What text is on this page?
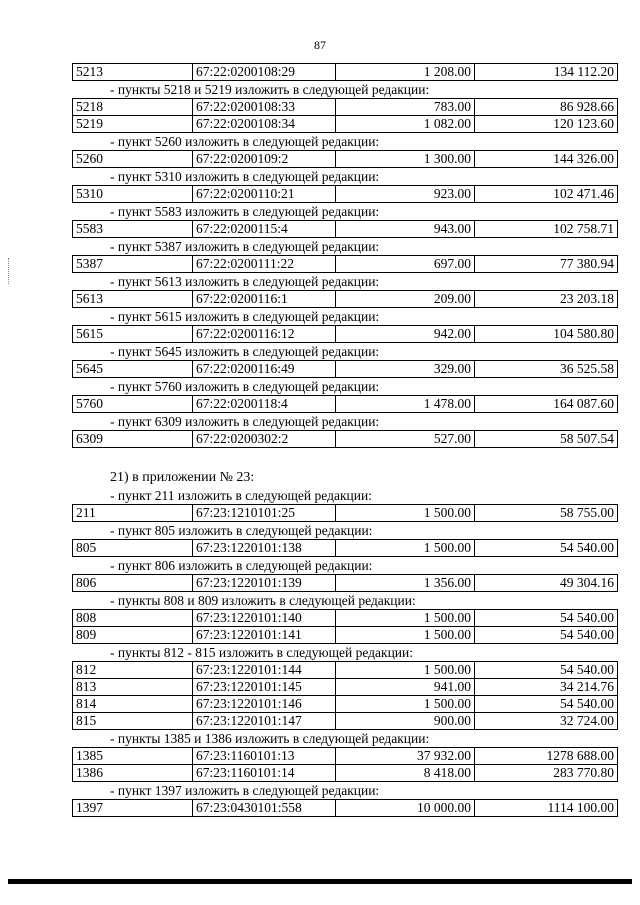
87
5213	67:22:0200108:29	1 208.00	134 112.20
- пункты 5218 и 5219 изложить в следующей редакции:
5218	67:22:0200108:33	783.00	86 928.66
5219	67:22:0200108:34	1 082.00	120 123.60
- пункт 5260 изложить в следующей редакции:
5260	67:22:0200109:2	1 300.00	144 326.00
- пункт 5310 изложить в следующей редакции:
5310	67:22:0200110:21	923.00	102 471.46
- пункт 5583 изложить в следующей редакции:
5583	67:22:0200115:4	943.00	102 758.71
- пункт 5387 изложить в следующей редакции:
5387	67:22:0200111:22	697.00	77 380.94
- пункт 5613 изложить в следующей редакции:
5613	67:22:0200116:1	209.00	23 203.18
- пункт 5615 изложить в следующей редакции:
5615	67:22:0200116:12	942.00	104 580.80
- пункт 5645 изложить в следующей редакции:
5645	67:22:0200116:49	329.00	36 525.58
- пункт 5760 изложить в следующей редакции:
5760	67:22:0200118:4	1 478.00	164 087.60
- пункт 6309 изложить в следующей редакции:
6309	67:22:0200302:2	527.00	58 507.54
21) в приложении № 23:
- пункт 211 изложить в следующей редакции:
211	67:23:1210101:25	1 500.00	58 755.00
- пункт 805 изложить в следующей редакции:
805	67:23:1220101:138	1 500.00	54 540.00
- пункт 806 изложить в следующей редакции:
806	67:23:1220101:139	1 356.00	49 304.16
- пункты 808 и 809 изложить в следующей редакции:
808	67:23:1220101:140	1 500.00	54 540.00
809	67:23:1220101:141	1 500.00	54 540.00
- пункты 812 - 815 изложить в следующей редакции:
812	67:23:1220101:144	1 500.00	54 540.00
813	67:23:1220101:145	941.00	34 214.76
814	67:23:1220101:146	1 500.00	54 540.00
815	67:23:1220101:147	900.00	32 724.00
- пункты 1385 и 1386 изложить в следующей редакции:
1385	67:23:1160101:13	37 932.00	1278 688.00
1386	67:23:1160101:14	8 418.00	283 770.80
- пункт 1397 изложить в следующей редакции:
1397	67:23:0430101:558	10 000.00	1114 100.00
